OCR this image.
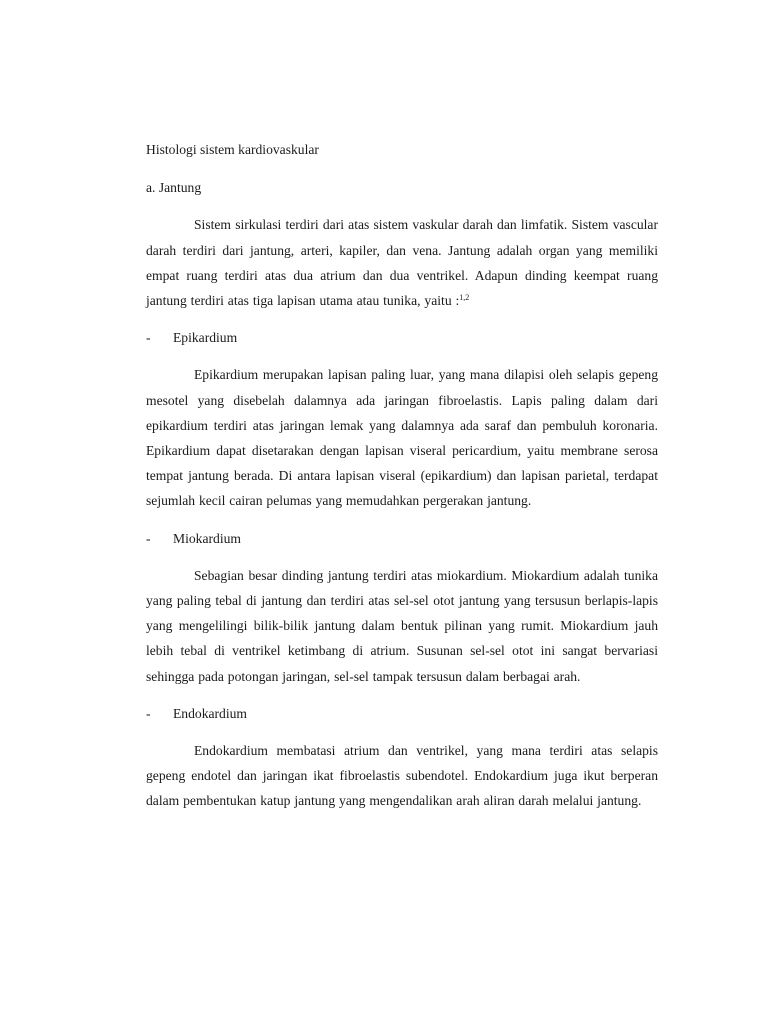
Histologi sistem kardiovaskular

a. Jantung

Sistem sirkulasi terdiri dari atas sistem vaskular darah dan limfatik. Sistem vascular darah terdiri dari jantung, arteri, kapiler, dan vena. Jantung adalah organ yang memiliki empat ruang terdiri atas dua atrium dan dua ventrikel. Adapun dinding keempat ruang jantung terdiri atas tiga lapisan utama atau tunika, yaitu :$^{1,2}$

-	Epikardium

Epikardium merupakan lapisan paling luar, yang mana dilapisi oleh selapis gepeng mesotel yang disebelah dalamnya ada jaringan fibroelastis. Lapis paling dalam dari epikardium terdiri atas jaringan lemak yang dalamnya ada saraf dan pembuluh koronaria. Epikardium dapat disetarakan dengan lapisan viseral pericardium, yaitu membrane serosa tempat jantung berada. Di antara lapisan viseral (epikardium) dan lapisan parietal, terdapat sejumlah kecil cairan pelumas yang memudahkan pergerakan jantung.

-	Miokardium

Sebagian besar dinding jantung terdiri atas miokardium. Miokardium adalah tunika yang paling tebal di jantung dan terdiri atas sel-sel otot jantung yang tersusun berlapis-lapis yang mengelilingi bilik-bilik jantung dalam bentuk pilinan yang rumit. Miokardium jauh lebih tebal di ventrikel ketimbang di atrium. Susunan sel-sel otot ini sangat bervariasi sehingga pada potongan jaringan, sel-sel tampak tersusun dalam berbagai arah.

-	Endokardium

Endokardium membatasi atrium dan ventrikel, yang mana terdiri atas selapis gepeng endotel dan jaringan ikat fibroelastis subendotel. Endokardium juga ikut berperan dalam pembentukan katup jantung yang mengendalikan arah aliran darah melalui jantung.
